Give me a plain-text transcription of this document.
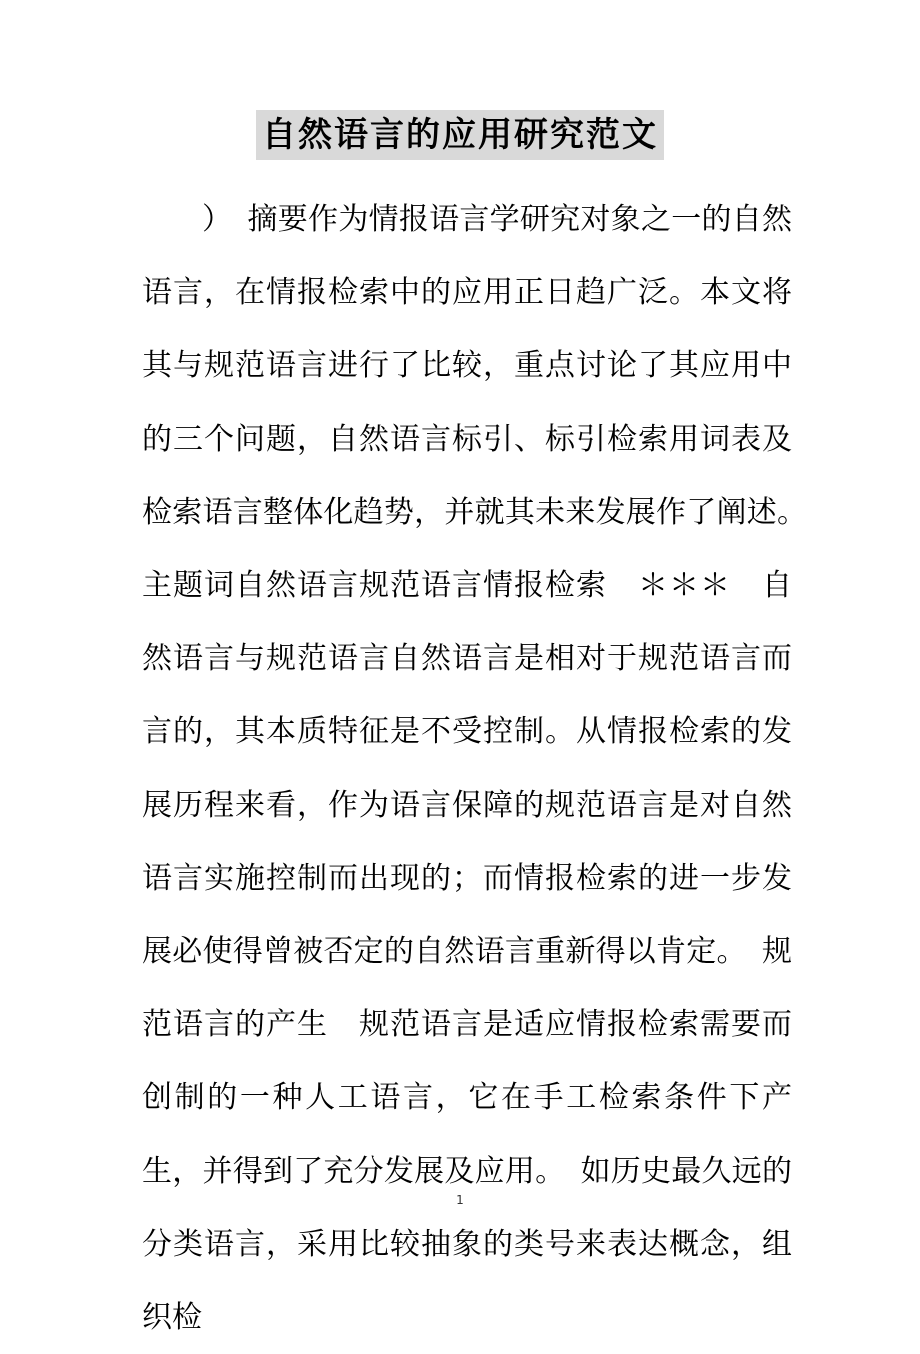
自然语言的应用研究范文

）　摘要作为情报语言学研究对象之一的自然语言，在情报检索中的应用正日趋广泛。本文将其与规范语言进行了比较，重点讨论了其应用中的三个问题，自然语言标引、标引检索用词表及检索语言整体化趋势，并就其未来发展作了阐述。　主题词自然语言规范语言情报检索　＊＊＊　自然语言与规范语言自然语言是相对于规范语言而言的，其本质特征是不受控制。从情报检索的发展历程来看，作为语言保障的规范语言是对自然语言实施控制而出现的；而情报检索的进一步发展必使得曾被否定的自然语言重新得以肯定。　规范语言的产生　规范语言是适应情报检索需要而创制的一种人工语言，它在手工检索条件下产生，并得到了充分发展及应用。　如历史最久远的分类语言，采用比较抽象的类号来表达概念，组织检

1
